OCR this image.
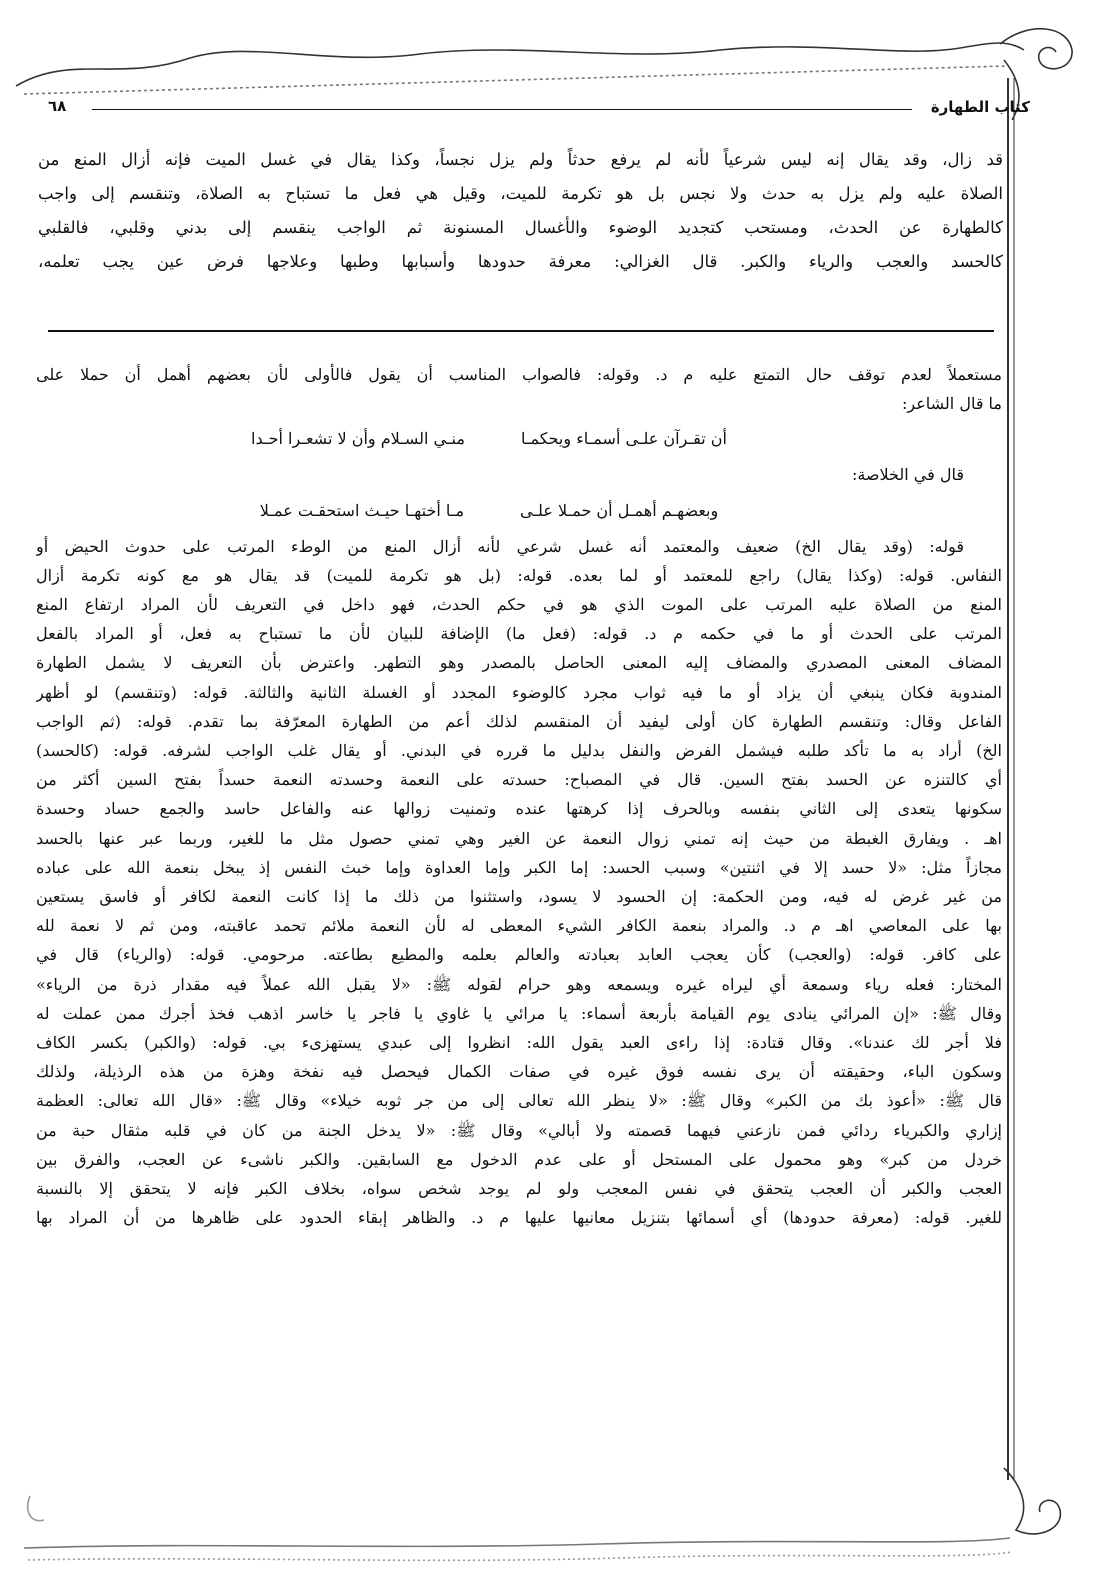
كتاب الطهارة
٦٨
قد زال، وقد يقال إنه ليس شرعياً لأنه لم يرفع حدثاً ولم يزل نجساً، وكذا يقال في غسل الميت فإنه أزال المنع من
الصلاة عليه ولم يزل به حدث ولا نجس بل هو تكرمة للميت، وقيل هي فعل ما تستباح به الصلاة، وتنقسم إلى واجب
كالطهارة عن الحدث، ومستحب كتجديد الوضوء والأغسال المسنونة ثم الواجب ينقسم إلى بدني وقلبي، فالقلبي
كالحسد والعجب والرياء والكبر. قال الغزالي: معرفة حدودها وأسبابها وطبها وعلاجها فرض عين يجب تعلمه،
مستعملاً لعدم توقف حال التمتع عليه م د. وقوله: فالصواب المناسب أن يقول فالأولى لأن بعضهم أهمل أن حملا على
ما قال الشاعر:
أن تقـرآن علـى أسمـاء ويحكمـا
منـي السـلام وأن لا تشعـرا أحـدا
قال في الخلاصة:
وبعضهـم أهمـل أن حمـلا علـى
مـا أختهـا حيـث استحقـت عمـلا
قوله: (وقد يقال الخ) ضعيف والمعتمد أنه غسل شرعي لأنه أزال المنع من الوطء المرتب على حدوث الحيض أو
النفاس. قوله: (وكذا يقال) راجع للمعتمد أو لما بعده. قوله: (بل هو تكرمة للميت) قد يقال هو مع كونه تكرمة أزال
المنع من الصلاة عليه المرتب على الموت الذي هو في حكم الحدث، فهو داخل في التعريف لأن المراد ارتفاع المنع
المرتب على الحدث أو ما في حكمه م د. قوله: (فعل ما) الإضافة للبيان لأن ما تستباح به فعل، أو المراد بالفعل
المضاف المعنى المصدري والمضاف إليه المعنى الحاصل بالمصدر وهو التطهر. واعترض بأن التعريف لا يشمل الطهارة
المندوبة فكان ينبغي أن يزاد أو ما فيه ثواب مجرد كالوضوء المجدد أو الغسلة الثانية والثالثة. قوله: (وتنقسم) لو أظهر
الفاعل وقال: وتنقسم الطهارة كان أولى ليفيد أن المنقسم لذلك أعم من الطهارة المعرّفة بما تقدم. قوله: (ثم الواجب
الخ) أراد به ما تأكد طلبه فيشمل الفرض والنفل بدليل ما قرره في البدني. أو يقال غلب الواجب لشرفه. قوله: (كالحسد)
أي كالتنزه عن الحسد بفتح السين. قال في المصباح: حسدته على النعمة وحسدته النعمة حسداً بفتح السين أكثر من
سكونها يتعدى إلى الثاني بنفسه وبالحرف إذا كرهتها عنده وتمنيت زوالها عنه والفاعل حاسد والجمع حساد وحسدة
اهـ . ويفارق الغبطة من حيث إنه تمني زوال النعمة عن الغير وهي تمني حصول مثل ما للغير، وربما عبر عنها بالحسد
مجازاً مثل: «لا حسد إلا في اثنتين» وسبب الحسد: إما الكبر وإما العداوة وإما خبث النفس إذ يبخل بنعمة الله على عباده
من غير غرض له فيه، ومن الحكمة: إن الحسود لا يسود، واستثنوا من ذلك ما إذا كانت النعمة لكافر أو فاسق يستعين
بها على المعاصي اهـ م د. والمراد بنعمة الكافر الشيء المعطى له لأن النعمة ملائم تحمد عاقبته، ومن ثم لا نعمة لله
على كافر. قوله: (والعجب) كأن يعجب العابد بعبادته والعالم بعلمه والمطيع بطاعته. مرحومي. قوله: (والرياء) قال في
المختار: فعله رياء وسمعة أي ليراه غيره ويسمعه وهو حرام لقوله ﷺ: «لا يقبل الله عملاً فيه مقدار ذرة من الرياء»
وقال ﷺ: «إن المرائي ينادى يوم القيامة بأربعة أسماء: يا مرائي يا غاوي يا فاجر يا خاسر اذهب فخذ أجرك ممن عملت له
فلا أجر لك عندنا». وقال قتادة: إذا راءى العبد يقول الله: انظروا إلى عبدي يستهزىء بي. قوله: (والكبر) بكسر الكاف
وسكون الباء، وحقيقته أن يرى نفسه فوق غيره في صفات الكمال فيحصل فيه نفخة وهزة من هذه الرذيلة، ولذلك
قال ﷺ: «أعوذ بك من الكبر» وقال ﷺ: «لا ينظر الله تعالى إلى من جر ثوبه خيلاء» وقال ﷺ: «قال الله تعالى: العظمة
إزاري والكبرياء ردائي فمن نازعني فيهما قصمته ولا أبالي» وقال ﷺ: «لا يدخل الجنة من كان في قلبه مثقال حبة من
خردل من كبر» وهو محمول على المستحل أو على عدم الدخول مع السابقين. والكبر ناشىء عن العجب، والفرق بين
العجب والكبر أن العجب يتحقق في نفس المعجب ولو لم يوجد شخص سواه، بخلاف الكبر فإنه لا يتحقق إلا بالنسبة
للغير. قوله: (معرفة حدودها) أي أسمائها بتنزيل معانيها عليها م د. والظاهر إبقاء الحدود على ظاهرها من أن المراد بها
